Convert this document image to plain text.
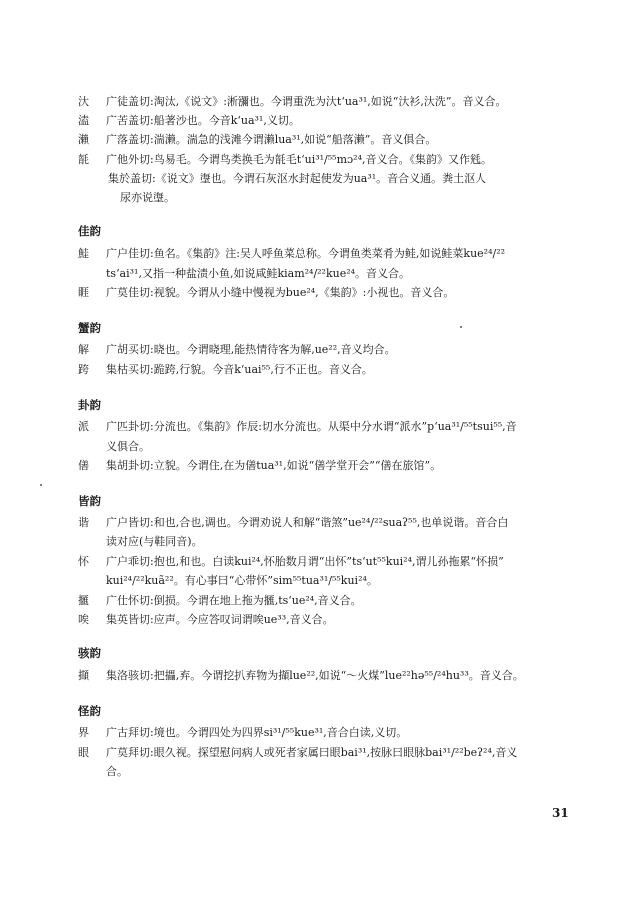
汏 广徒盖切:淘汰,《说文》:淅瀰也。今谓重洗为汏tʻua³¹,如说“汏衫,汏洗”。音义合。
溘 广苦盖切:船著沙也。今音kʻua³¹,义切。
瀨 广落盖切:湍濑。湍急的浅滩今谓濑lua³¹,如说“船落濑”。音义俱合。
毻 广他外切:鸟易毛。今谓鸟类换毛为毻毛tʻui³¹/⁵⁵mɔ²⁴,音义合。《集韵》又作毤。
集於盖切:《说文》塰也。今谓石灰沤水封起使发为ua³¹。音合义通。粪土沤人
尿亦说塰。
佳韵
鮭 广户佳切:鱼名。《集韵》注:吴人呼鱼菜总称。今谓鱼类菜肴为鲑,如说鲑菜kue²⁴/²²
tsʻai³¹,又指一种盐渍小鱼,如说咸鲑kiam²⁴/²²kue²⁴。音义合。
睚 广莫佳切:视貌。今谓从小缝中慢视为bue²⁴,《集韵》:小视也。音义合。
蟹韵
解 广胡买切:晓也。今谓晓理,能热情待客为解,ue²²,音义均合。
跨 集枯买切:跪跨,行貌。今音kʻuai⁵⁵,行不正也。音义合。
卦韵
派 广匹卦切:分流也。《集韵》作辰:切水分流也。从渠中分水谓“派水”pʻua³¹/⁵⁵tsui⁵⁵,音
义俱合。
僐 集胡卦切:立貌。今谓住,在为僐tua³¹,如说“僐学堂开会”“僐在旅馆”。
皆韵
谐 广户皆切:和也,合也,调也。今谓劝说人和解“谐煞”ue²⁴/²²suaʔ⁵⁵,也单说谐。音合白
读对应(与鞋同音)。
怀 广户乖切:抱也,和也。白读kui²⁴,怀胎数月谓“出怀”tsʻut⁵⁵kui²⁴,谓儿孙拖累“怀损”
kui²⁴/²²kuã²²。有心事曰“心带怀”sim⁵⁵tua³¹/⁵⁵kui²⁴。
擓 广仕怀切:倒损。今谓在地上拖为擓,tsʻue²⁴,音义合。
唉 集英皆切:应声。今应答叹词谓唉ue³³,音义合。
骇韵
擷 集洛骇切:把攂,弃。今谓挖扒弃物为擷lue²²,如说“～火煤”lue²²hə⁵⁵/²⁴hu³³。音义合。
怪韵
界 广古拜切:境也。今谓四处为四界si³¹/⁵⁵kue³¹,音合白读,义切。
眼 广莫拜切:眼久视。探望慰问病人或死者家属曰眼bai³¹,按脉曰眼脉bai³¹/²²beʔ²⁴,音义
合。
31
